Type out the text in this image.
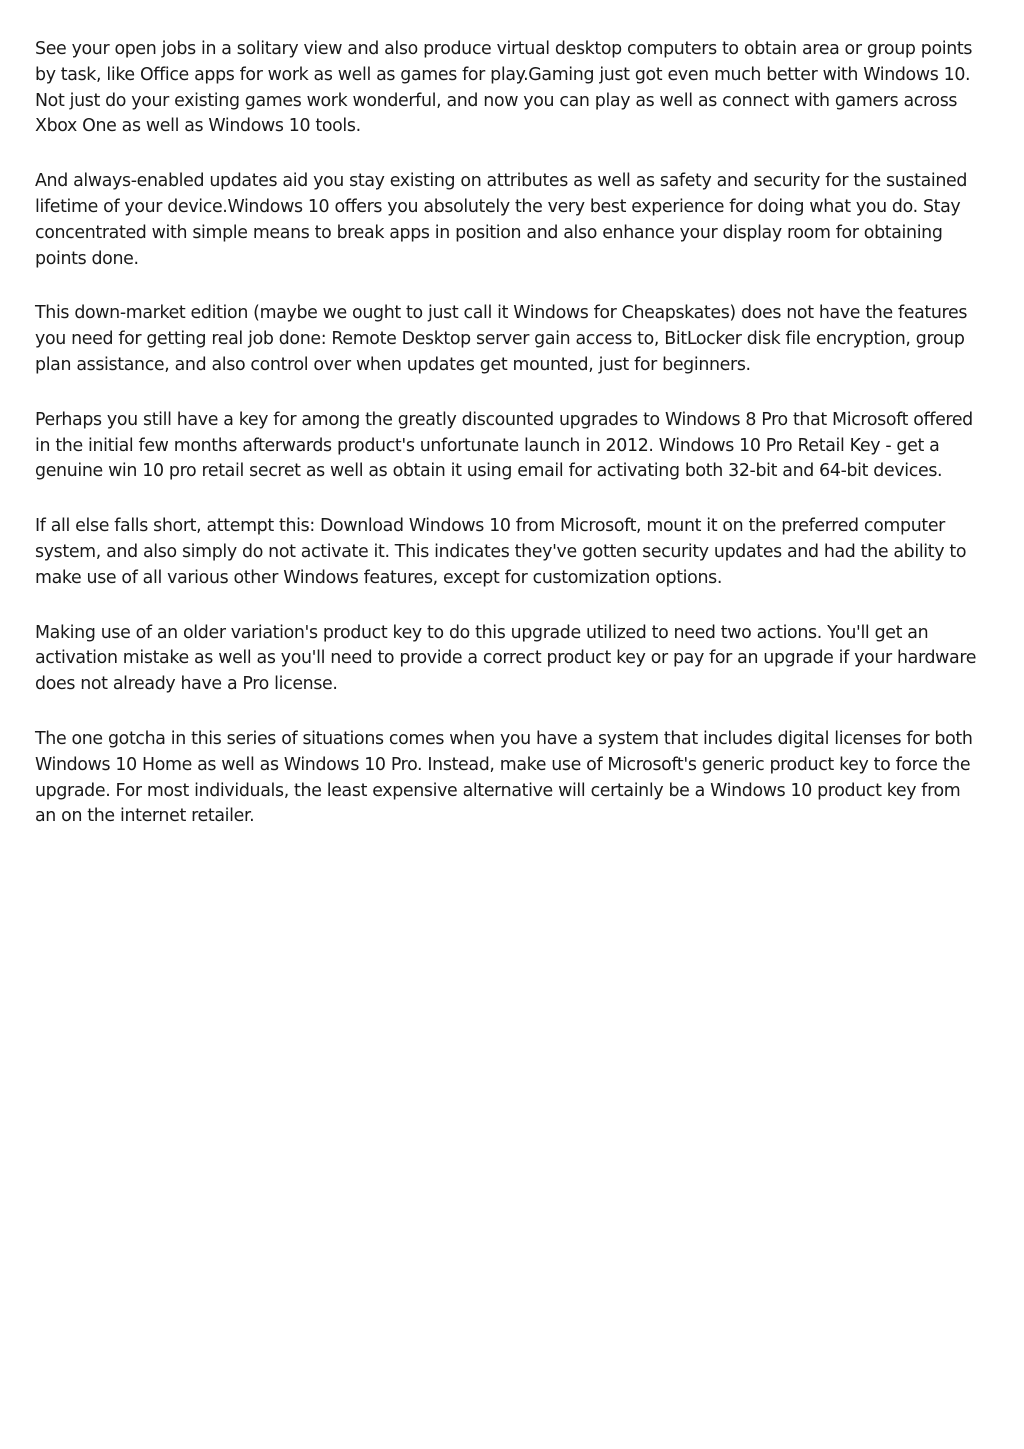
See your open jobs in a solitary view and also produce virtual desktop computers to obtain area or group points by task, like Office apps for work as well as games for play.Gaming just got even much better with Windows 10. Not just do your existing games work wonderful, and now you can play as well as connect with gamers across Xbox One as well as Windows 10 tools.

And always-enabled updates aid you stay existing on attributes as well as safety and security for the sustained lifetime of your device.Windows 10 offers you absolutely the very best experience for doing what you do. Stay concentrated with simple means to break apps in position and also enhance your display room for obtaining points done.

This down-market edition (maybe we ought to just call it Windows for Cheapskates) does not have the features you need for getting real job done: Remote Desktop server gain access to, BitLocker disk file encryption, group plan assistance, and also control over when updates get mounted, just for beginners.

Perhaps you still have a key for among the greatly discounted upgrades to Windows 8 Pro that Microsoft offered in the initial few months afterwards product's unfortunate launch in 2012. Windows 10 Pro Retail Key - get a genuine win 10 pro retail secret as well as obtain it using email for activating both 32-bit and 64-bit devices.

If all else falls short, attempt this: Download Windows 10 from Microsoft, mount it on the preferred computer system, and also simply do not activate it. This indicates they've gotten security updates and had the ability to make use of all various other Windows features, except for customization options.

Making use of an older variation's product key to do this upgrade utilized to need two actions. You'll get an activation mistake as well as you'll need to provide a correct product key or pay for an upgrade if your hardware does not already have a Pro license.

The one gotcha in this series of situations comes when you have a system that includes digital licenses for both Windows 10 Home as well as Windows 10 Pro. Instead, make use of Microsoft's generic product key to force the upgrade. For most individuals, the least expensive alternative will certainly be a Windows 10 product key from an on the internet retailer.
